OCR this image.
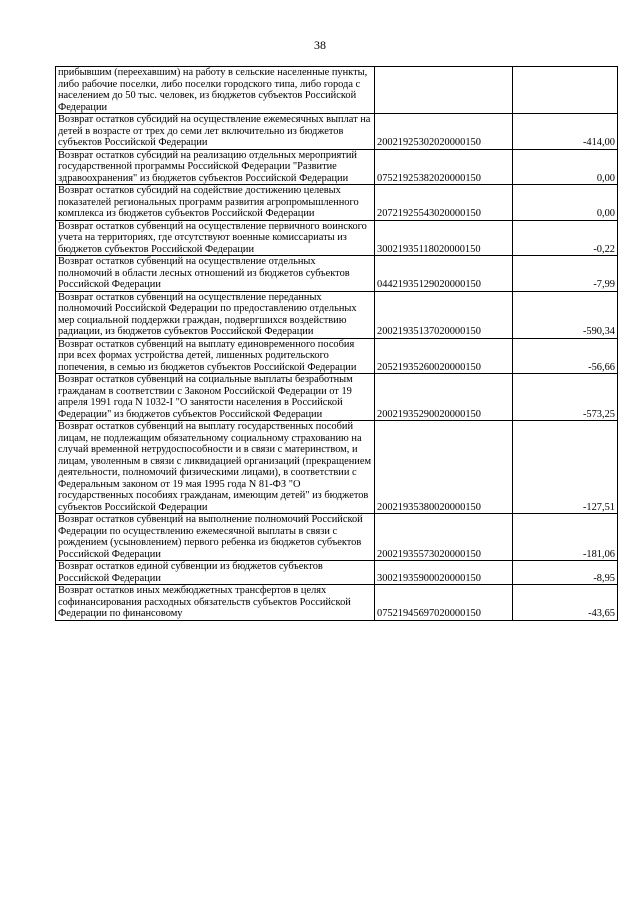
38
прибывшим (переехавшим) на работу в сельские населенные пункты, либо рабочие поселки, либо поселки городского типа, либо города с населением до 50 тыс. человек, из бюджетов субъектов Российской Федерации		
Возврат остатков субсидий на осуществление ежемесячных выплат на детей в возрасте от трех до семи лет включительно из бюджетов субъектов Российской Федерации	20021925302020000150	-414,00
Возврат остатков субсидий на реализацию отдельных мероприятий государственной программы Российской Федерации "Развитие здравоохранения" из бюджетов субъектов Российской Федерации	07521925382020000150	0,00
Возврат остатков субсидий на содействие достижению целевых показателей региональных программ развития агропромышленного комплекса из бюджетов субъектов Российской Федерации	20721925543020000150	0,00
Возврат остатков субвенций на осуществление первичного воинского учета на территориях, где отсутствуют военные комиссариаты из бюджетов субъектов Российской Федерации	30021935118020000150	-0,22
Возврат остатков субвенций на осуществление отдельных полномочий в области лесных отношений из бюджетов субъектов Российской Федерации	04421935129020000150	-7,99
Возврат остатков субвенций на осуществление переданных полномочий Российской Федерации по предоставлению отдельных мер социальной поддержки граждан, подвергшихся воздействию радиации, из бюджетов субъектов Российской Федерации	20021935137020000150	-590,34
Возврат остатков субвенций на выплату единовременного пособия при всех формах устройства детей, лишенных родительского попечения, в семью из бюджетов субъектов Российской Федерации	20521935260020000150	-56,66
Возврат остатков субвенций на социальные выплаты безработным гражданам в соответствии с Законом Российской Федерации от 19 апреля 1991 года N 1032-I "О занятости населения в Российской Федерации" из бюджетов субъектов Российской Федерации	20021935290020000150	-573,25
Возврат остатков субвенций на выплату государственных пособий лицам, не подлежащим обязательному социальному страхованию на случай временной нетрудоспособности и в связи с материнством, и лицам, уволенным в связи с ликвидацией организаций (прекращением деятельности, полномочий физическими лицами), в соответствии с Федеральным законом от 19 мая 1995 года N 81-ФЗ "О государственных пособиях гражданам, имеющим детей" из бюджетов субъектов Российской Федерации	20021935380020000150	-127,51
Возврат остатков субвенций на выполнение полномочий Российской Федерации по осуществлению ежемесячной выплаты в связи с рождением (усыновлением) первого ребенка из бюджетов субъектов Российской Федерации	20021935573020000150	-181,06
Возврат остатков единой субвенции из бюджетов субъектов Российской Федерации	30021935900020000150	-8,95
Возврат остатков иных межбюджетных трансфертов в целях софинансирования расходных обязательств субъектов Российской Федерации по финансовому	07521945697020000150	-43,65
